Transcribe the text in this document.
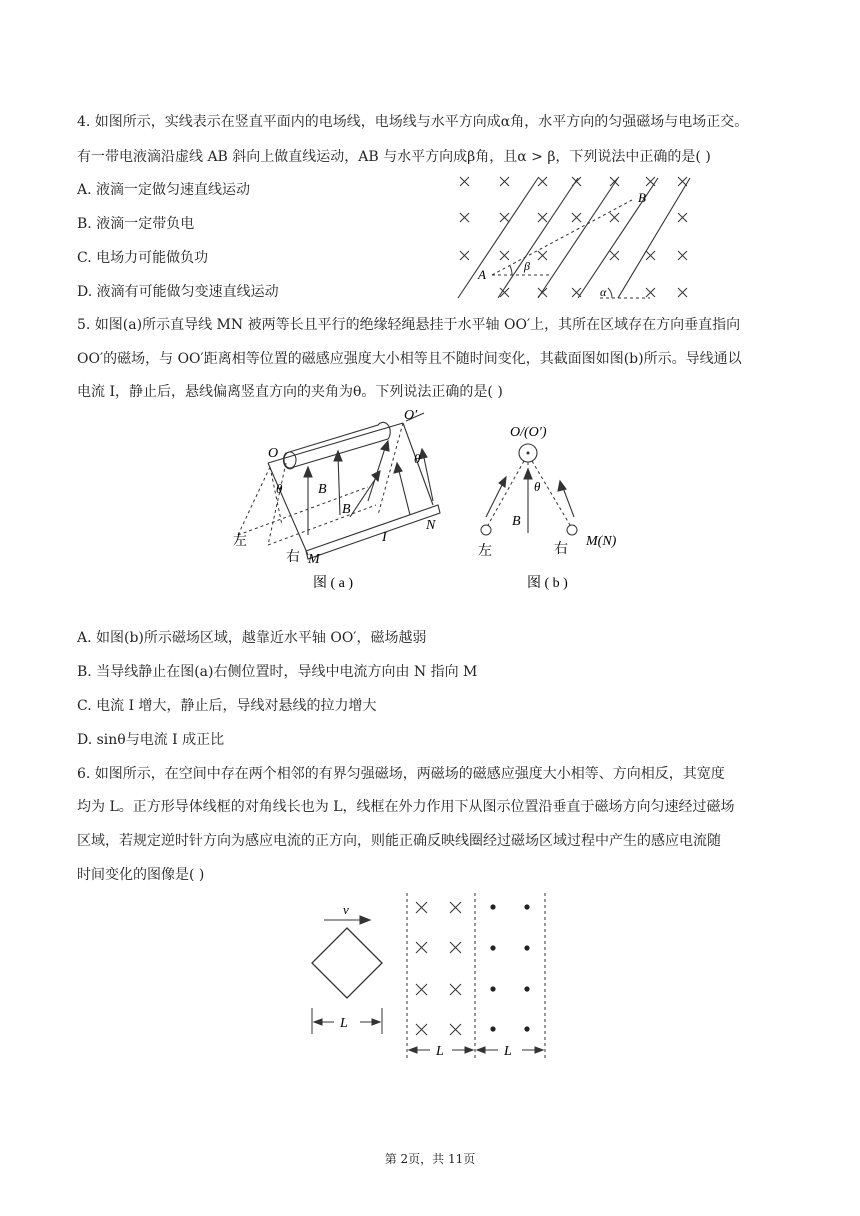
4. 如图所示，实线表示在竖直平面内的电场线，电场线与水平方向成α角，水平方向的匀强磁场与电场正交。
有一带电液滴沿虚线 AB 斜向上做直线运动，AB 与水平方向成β角，且α > β，下列说法中正确的是( )
A. 液滴一定做匀速直线运动
B. 液滴一定带负电
C. 电场力可能做负功
D. 液滴有可能做匀变速直线运动
A
B
β
α
5. 如图(a)所示直导线 MN 被两等长且平行的绝缘轻绳悬挂于水平轴 OO′上，其所在区域存在方向垂直指向
OO′的磁场，与 OO′距离相等位置的磁感应强度大小相等且不随时间变化，其截面图如图(b)所示。导线通以
电流 I，静止后，悬线偏离竖直方向的夹角为θ。下列说法正确的是( )
O
O′
θ
θ
B
B
左
右 M
I
N
图 ( a )
O/(O′)
θ
B
左	右
M(N)
图 ( b )
A. 如图(b)所示磁场区域，越靠近水平轴 OO′，磁场越弱
B. 当导线静止在图(a)右侧位置时，导线中电流方向由 N 指向 M
C. 电流 I 增大，静止后，导线对悬线的拉力增大
D. sinθ与电流 I 成正比
6. 如图所示，在空间中存在两个相邻的有界匀强磁场，两磁场的磁感应强度大小相等、方向相反，其宽度
均为 L。正方形导体线框的对角线长也为 L，线框在外力作用下从图示位置沿垂直于磁场方向匀速经过磁场
区域，若规定逆时针方向为感应电流的正方向，则能正确反映线圈经过磁场区域过程中产生的感应电流随
时间变化的图像是( )
v
L
L	L
第 2页，共 11页
